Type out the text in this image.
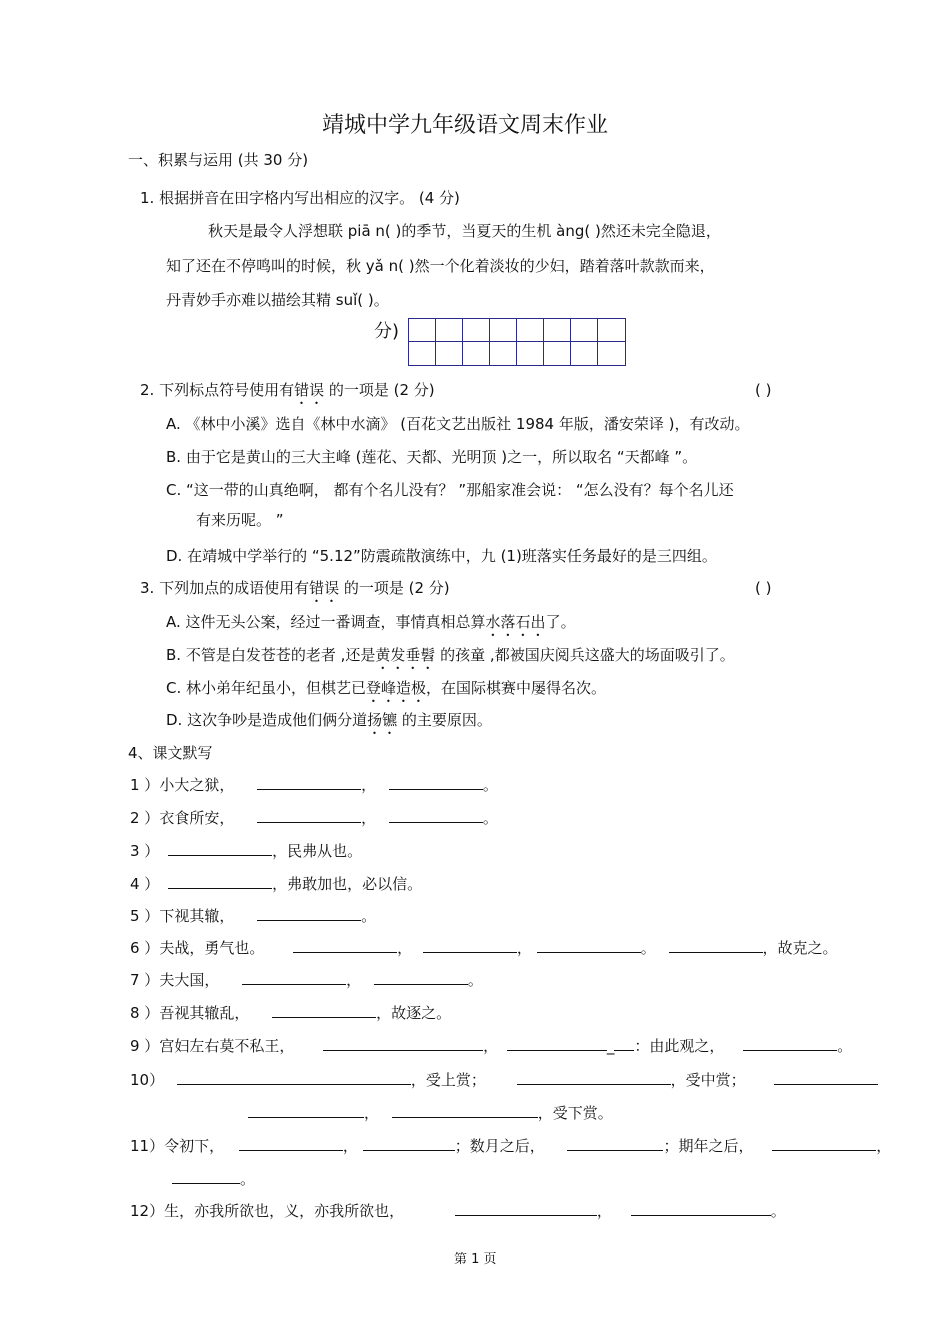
靖城中学九年级语文周末作业
一、积累与运用 (共 30 分)
1. 根据拼音在田字格内写出相应的汉字。 (4 分)
秋天是最令人浮想联 piā n( )的季节，当夏天的生机 àng( )然还未完全隐退，
知了还在不停鸣叫的时候，秋 yǎ n( )然一个化着淡妆的少妇，踏着落叶款款而来，
丹青妙手亦难以描绘其精 suǐ( )。
分)
2. 下列标点符号使用有错误 的一项是 (2 分)	( )
A. 《林中小溪》选自《林中水滴》 (百花文艺出版社 1984 年版，潘安荣译 )，有改动。
B. 由于它是黄山的三大主峰 (莲花、天都、光明顶 )之一，所以取名 “天都峰 ”。
C. “这一带的山真绝啊， 都有个名儿没有？ ”那船家准会说： “怎么没有？每个名儿还
有来历呢。 ”
D. 在靖城中学举行的 “5.12”防震疏散演练中，九 (1)班落实任务最好的是三四组。
3. 下列加点的成语使用有错误 的一项是 (2 分)	( )
A. 这件无头公案，经过一番调查，事情真相总算水落石出了。
B. 不管是白发苍苍的老者 ,还是黄发垂髫 的孩童 ,都被国庆阅兵这盛大的场面吸引了。
C. 林小弟年纪虽小，但棋艺已登峰造极，在国际棋赛中屡得名次。
D. 这次争吵是造成他们俩分道扬镳 的主要原因。
4、课文默写
1 ）小大之狱，	，	。
2 ）衣食所安，	，	。
3 ）	，民弗从也。
4 ）	，弗敢加也，必以信。
5 ）下视其辙，	。
6 ）夫战，勇气也。	，	，	。	，故克之。
7 ）夫大国，	，	。
8 ）吾视其辙乱，	，故逐之。
9 ）宫妇左右莫不私王，	，	_ ：由此观之，	。
10）	，受上赏；	，受中赏；
，	，受下赏。
11）令初下，	，	；数月之后，	；期年之后，	，
。
12）生，亦我所欲也，义，亦我所欲也，	，	。
第 1 页
